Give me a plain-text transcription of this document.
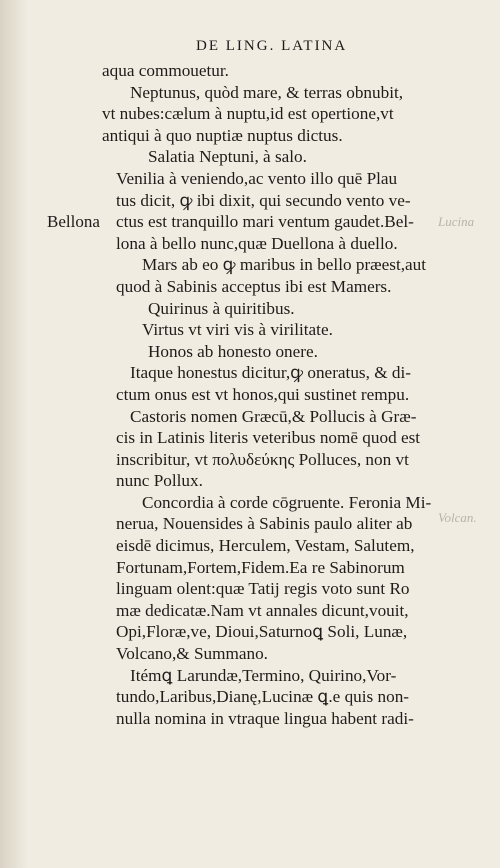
Lucina
Volcan.
DE LING. LATINA
Bellona
aqua commouetur.
Neptunus, quòd mare, & terras obnubit,
vt nubes:cælum à nuptu,id est opertione,vt
antiqui à quo nuptiæ nuptus dictus.
Salatia Neptuni, à salo.
Venilia à veniendo,ac vento illo quē Plau
tus dicit, ꝙ ibi dixit, qui secundo vento ve-
ctus est tranquillo mari ventum gaudet.Bel-
lona à bello nunc,quæ Duellona à duello.
Mars ab eo ꝙ maribus in bello præest,aut
quod à Sabinis acceptus ibi est Mamers.
Quirinus à quiritibus.
Virtus vt viri vis à virilitate.
Honos ab honesto onere.
Itaque honestus dicitur,ꝙ oneratus, & di-
ctum onus est vt honos,qui sustinet rempu.
Castoris nomen Græcū,& Pollucis à Græ-
cis in Latinis literis veteribus nomē quod est
inscribitur, vt πολυδεύκης Polluces, non vt
nunc Pollux.
Concordia à corde cōgruente. Feronia Mi-
nerua, Nouensides à Sabinis paulo aliter ab
eisdē dicimus, Herculem, Vestam, Salutem,
Fortunam,Fortem,Fidem.Ea re Sabinorum
linguam olent:quæ Tatij regis voto sunt Ro
mæ dedicatæ.Nam vt annales dicunt,vouit,
Opi,Floræ,ve, Dioui,Saturnoꝗ Soli, Lunæ,
Volcano,& Summano.
Itémꝗ Larundæ,Termino, Quirino,Vor-
tundo,Laribus,Dianę,Lucinæ ꝗ.e quis non-
nulla nomina in vtraque lingua habent radi-
